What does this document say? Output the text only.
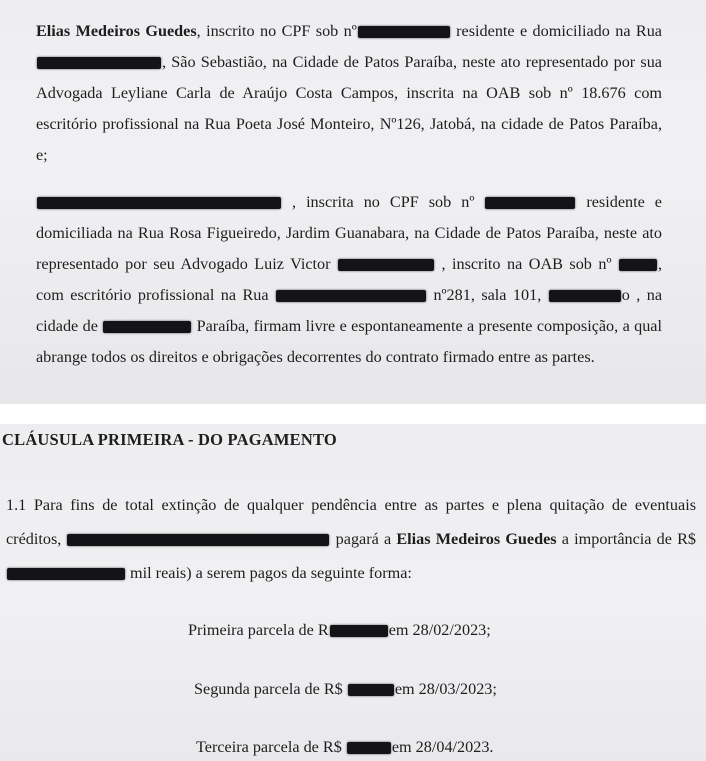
Elias Medeiros Guedes, inscrito no CPF sob nº	residente e domiciliado na Rua , São Sebastião, na Cidade de Patos Paraíba, neste ato representado por sua Advogada Leyliane Carla de Araújo Costa Campos, inscrita na OAB sob nº 18.676 com escritório profissional na Rua Poeta José Monteiro, Nº126, Jatobá, na cidade de Patos Paraíba, e;

, inscrita no CPF sob nº	residente e domiciliada na Rua Rosa Figueiredo, Jardim Guanabara, na Cidade de Patos Paraíba, neste ato representado por seu Advogado Luiz Victor	, inscrito na OAB sob nº , com escritório profissional na Rua	nº281, sala 101,	o , na cidade de	Paraíba, firmam livre e espontaneamente a presente composição, a qual abrange todos os direitos e obrigações decorrentes do contrato firmado entre as partes.

CLÁUSULA PRIMEIRA - DO PAGAMENTO

1.1 Para fins de total extinção de qualquer pendência entre as partes e plena quitação de eventuais créditos,	pagará a Elias Medeiros Guedes a importância de R$ mil reais) a serem pagos da seguinte forma:

Primeira parcela de R	em 28/02/2023;

Segunda parcela de R$	em 28/03/2023;

Terceira parcela de R$	em 28/04/2023.
